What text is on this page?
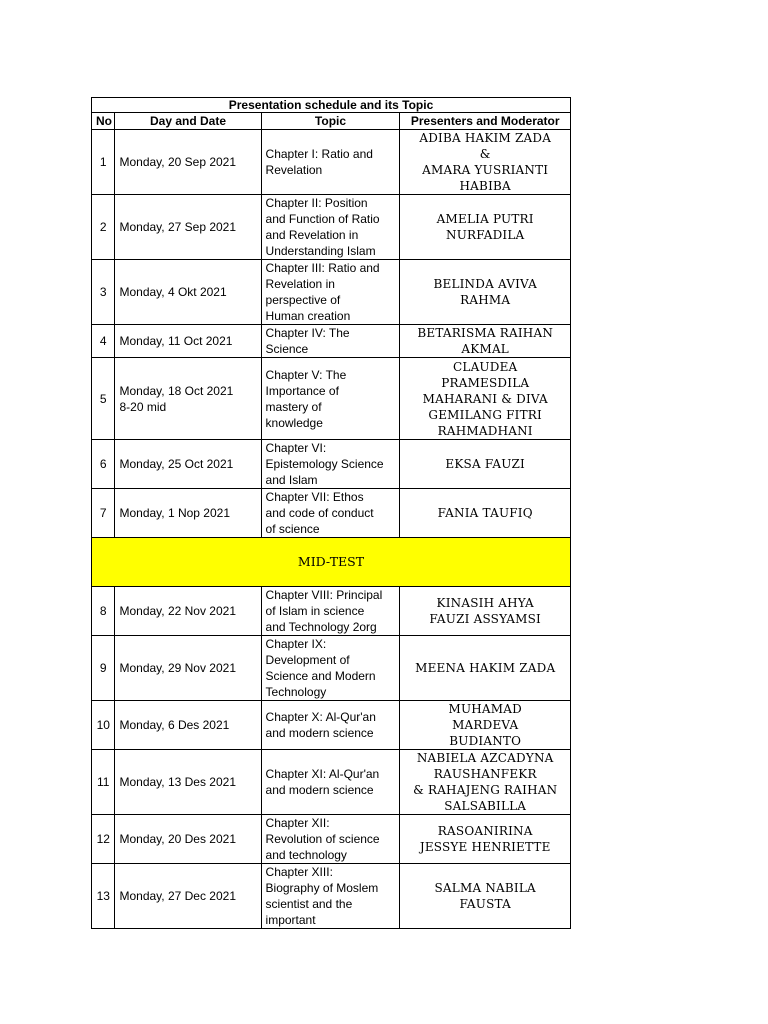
Presentation schedule and its Topic			
No	Day and Date	Topic	Presenters and Moderator
1	Monday, 20 Sep 2021	Chapter I: Ratio and
Revelation	ADIBA HAKIM ZADA
&
AMARA YUSRIANTI
HABIBA

2	Monday, 27 Sep 2021	Chapter II: Position
and Function of Ratio
and Revelation in
Understanding Islam	AMELIA PUTRI
NURFADILA

3	Monday, 4 Okt 2021	Chapter III: Ratio and
Revelation in
perspective of
Human creation	BELINDA AVIVA
RAHMA

4	Monday, 11 Oct 2021	Chapter IV: The
Science	BETARISMA RAIHAN
AKMAL

5	Monday, 18 Oct 2021
8-20 mid	Chapter V: The
Importance of
mastery of
knowledge	CLAUDEA
PRAMESDILA
MAHARANI & DIVA
GEMILANG FITRI
RAHMADHANI

6	Monday, 25 Oct 2021	Chapter VI:
Epistemology Science
and Islam	EKSA FAUZI

7	Monday, 1 Nop 2021	Chapter VII: Ethos
and code of conduct
of science	FANIA TAUFIQ

MID-TEST			
8	Monday, 22 Nov 2021	Chapter VIII: Principal
of Islam in science
and Technology 2org	KINASIH AHYA
FAUZI ASSYAMSI

9	Monday, 29 Nov 2021	Chapter IX:
Development of
Science and Modern
Technology	MEENA HAKIM ZADA

10	Monday, 6 Des 2021	Chapter X: Al-Qur'an
and modern science	MUHAMAD
MARDEVA
BUDIANTO

11	Monday, 13 Des 2021	Chapter XI: Al-Qur'an
and modern science	NABIELA AZCADYNA
RAUSHANFEKR
& RAHAJENG RAIHAN
SALSABILLA

12	Monday, 20 Des 2021	Chapter XII:
Revolution of science
and technology	RASOANIRINA
JESSYE HENRIETTE

13	Monday, 27 Dec 2021	Chapter XIII:
Biography of Moslem
scientist and the
important	SALMA NABILA
FAUSTA
